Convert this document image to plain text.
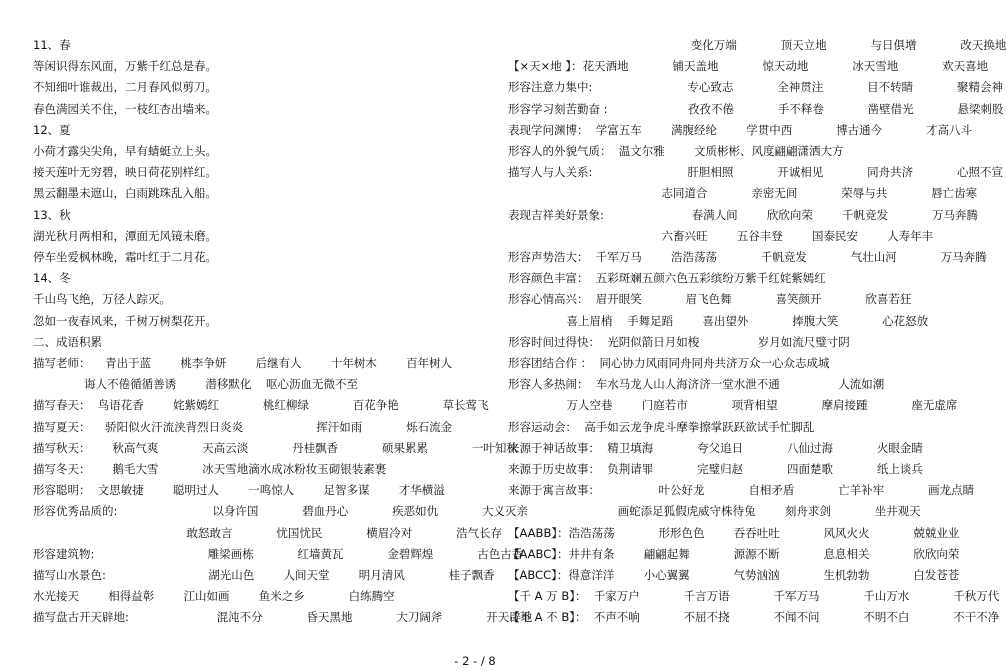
11、春
等闲识得东风面，万紫千红总是春。
不知细叶谁裁出，二月春风似剪刀。
春色满园关不住，一枝红杏出墙来。
12、夏
小荷才露尖尖角，早有蜻蜓立上头。
接天莲叶无穷碧，映日荷花别样红。
黑云翻墨未遮山，白雨跳珠乱入船。
13、秋
湖光秋月两相和，潭面无风镜未磨。
停车坐爱枫林晚，霜叶红于二月花。
14、冬
千山鸟飞绝，万径人踪灭。
忽如一夜春风来，千树万树梨花开。
二、成语积累
描写老师：    青出于蓝        桃李争妍        后继有人        十年树木        百年树人
诲人不倦循循善诱        潜移默化    呕心沥血无微不至
描写春天：  鸟语花香        姹紫嫣红            桃红柳绿            百花争艳            草长莺飞
描写夏天：    骄阳似火汗流浃背烈日炎炎                    挥汗如雨            烁石流金
描写秋天：      秋高气爽            天高云淡            丹桂飘香            硕果累累            一叶知秋
描写冬天：      鹅毛大雪            冰天雪地滴水成冰粉妆玉砌银装素裹
形容聪明：  文思敏捷        聪明过人        一鸣惊人        足智多谋        才华横溢
形容优秀品质的:                          以身许国            碧血丹心            疾恶如仇            大义灭亲
敢怒敢言            忧国忧民            横眉冷对            浩气长存
形容建筑物:                               雕梁画栋            红墙黄瓦            金碧辉煌            古色古香
描写山水景色:                            湖光山色        人间天堂        明月清风            桂子飘香
水光接天        相得益彰        江山如画        鱼米之乡            白练腾空
描写盘古开天辟地:                        混沌不分            昏天黑地            大刀阔斧            开天辟地
变化万端            顶天立地            与日俱增            改天换地
【×天×地 】：花天酒地            铺天盖地            惊天动地            冰天雪地            欢天喜地
形容注意力集中:                          专心致志            全神贯注            目不转睛            聚精会神
形容学习刻苦勤奋 :                      孜孜不倦            手不释卷            凿壁借光            悬梁刺股
表现学问渊博：  学富五车        满腹经纶        学贯中西            博古通今            才高八斗
形容人的外貌气质：  温文尔雅        文质彬彬、风度翩翩潇洒大方
描写人与人关系:                          肝胆相照            开诚相见            同舟共济            心照不宣
志同道合            亲密无间            荣辱与共            唇亡齿寒
表现吉祥美好景象:                        春满人间        欣欣向荣        千帆竞发            万马奔腾
六畜兴旺        五谷丰登        国泰民安        人寿年丰
形容声势浩大：  千军万马        浩浩荡荡            千帆竞发            气壮山河            万马奔腾
形容颜色丰富：  五彩斑斓五颜六色五彩缤纷万紫千红姹紫嫣红
形容心情高兴：  眉开眼笑            眉飞色舞            喜笑颜开            欣喜若狂
喜上眉梢    手舞足蹈        喜出望外            捧腹大笑            心花怒放
形容时间过得快：  光阴似箭日月如梭                岁月如流尺璧寸阴
形容团结合作 ：  同心协力风雨同舟同舟共济万众一心众志成城
形容人多热闹：  车水马龙人山人海济济一堂水泄不通                人流如潮
万人空巷        门庭若市            项背相望            摩肩接踵            座无虚席
形容运动会：  高手如云龙争虎斗摩拳擦掌跃跃欲试手忙脚乱
来源于神话故事：  精卫填海            夸父追日            八仙过海            火眼金睛
来源于历史故事：  负荆请罪            完璧归赵            四面楚歌            纸上谈兵
来源于寓言故事：                叶公好龙            自相矛盾            亡羊补牢            画龙点睛
画蛇添足狐假虎威守株待兔        刻舟求剑            坐井观天
【AABB】：浩浩荡荡            形形色色        吞吞吐吐            风风火火            兢兢业业
【AABC】：井井有条        翩翩起舞            源源不断            息息相关            欣欣向荣
【ABCC】：得意洋洋        小心翼翼            气势汹汹            生机勃勃            白发苍苍
【千 A 万 B】：  千家万户            千言万语            千军万马            千山万水            千秋万代
【不 A 不 B】：  不声不响            不屈不挠            不闻不问            不明不白            不干不净
- 2 - / 8
